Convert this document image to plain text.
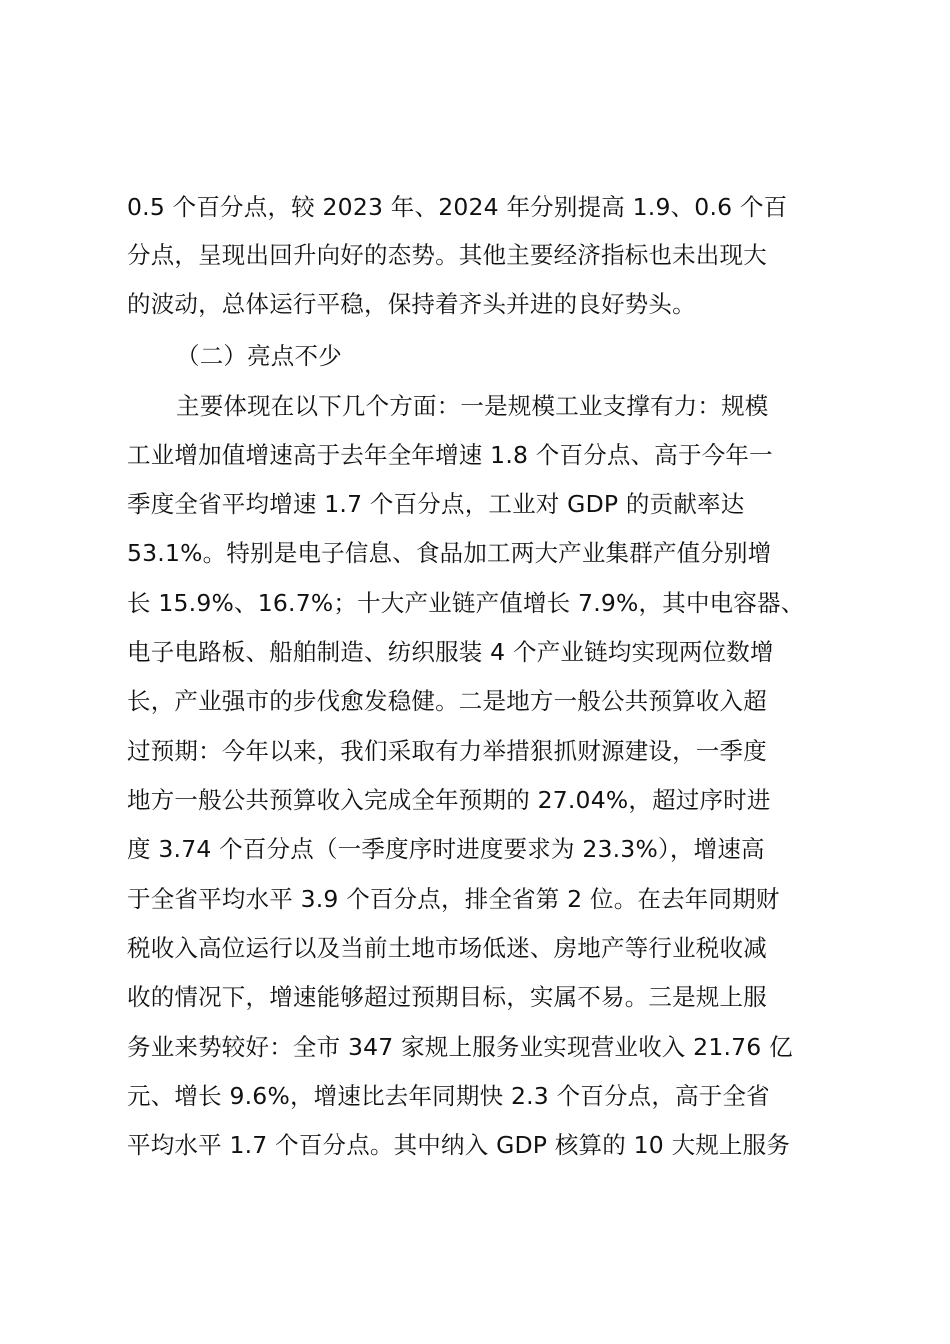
0.5 个百分点，较 2023 年、2024 年分别提高 1.9、0.6 个百
分点，呈现出回升向好的态势。其他主要经济指标也未出现大
的波动，总体运行平稳，保持着齐头并进的良好势头。
（二）亮点不少
主要体现在以下几个方面：一是规模工业支撑有力：规模
工业增加值增速高于去年全年增速 1.8 个百分点、高于今年一
季度全省平均增速 1.7 个百分点，工业对 GDP 的贡献率达
53.1%。特别是电子信息、食品加工两大产业集群产值分别增
长 15.9%、16.7%；十大产业链产值增长 7.9%，其中电容器、
电子电路板、船舶制造、纺织服装 4 个产业链均实现两位数增
长，产业强市的步伐愈发稳健。二是地方一般公共预算收入超
过预期：今年以来，我们采取有力举措狠抓财源建设，一季度
地方一般公共预算收入完成全年预期的 27.04%，超过序时进
度 3.74 个百分点（一季度序时进度要求为 23.3%），增速高
于全省平均水平 3.9 个百分点，排全省第 2 位。在去年同期财
税收入高位运行以及当前土地市场低迷、房地产等行业税收减
收的情况下，增速能够超过预期目标，实属不易。三是规上服
务业来势较好：全市 347 家规上服务业实现营业收入 21.76 亿
元、增长 9.6%，增速比去年同期快 2.3 个百分点，高于全省
平均水平 1.7 个百分点。其中纳入 GDP 核算的 10 大规上服务
